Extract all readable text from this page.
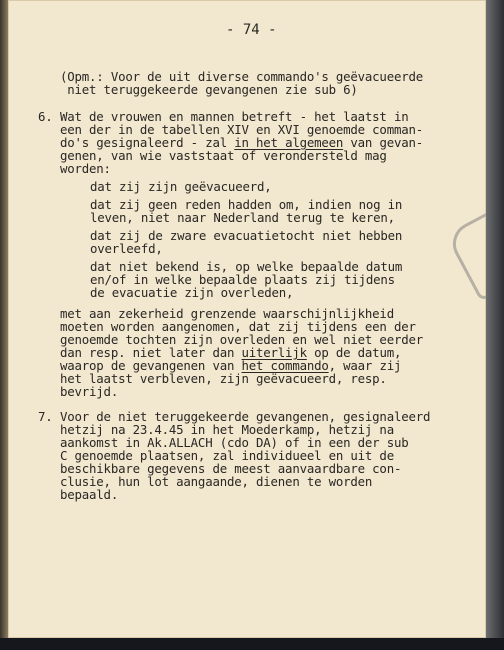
- 74 -
(Opm.: Voor de uit diverse commando's geëvacueerde
niet teruggekeerde gevangenen zie sub 6)
6. Wat de vrouwen en mannen betreft - het laatst in
een der in de tabellen XIV en XVI genoemde comman-
do's gesignaleerd - zal in het algemeen van gevan-
genen, van wie vaststaat of verondersteld mag
worden:
dat zij zijn geëvacueerd,
dat zij geen reden hadden om, indien nog in
leven, niet naar Nederland terug te keren,
dat zij de zware evacuatietocht niet hebben
overleefd,
dat niet bekend is, op welke bepaalde datum
en/of in welke bepaalde plaats zij tijdens
de evacuatie zijn overleden,
met aan zekerheid grenzende waarschijnlijkheid
moeten worden aangenomen, dat zij tijdens een der
genoemde tochten zijn overleden en wel niet eerder
dan resp. niet later dan uiterlijk op de datum,
waarop de gevangenen van het commando, waar zij
het laatst verbleven, zijn geëvacueerd, resp.
bevrijd.
7. Voor de niet teruggekeerde gevangenen, gesignaleerd
hetzij na 23.4.45 in het Moederkamp, hetzij na
aankomst in Ak.ALLACH (cdo DA) of in een der sub
C genoemde plaatsen, zal individueel en uit de
beschikbare gegevens de meest aanvaardbare con-
clusie, hun lot aangaande, dienen te worden
bepaald.
